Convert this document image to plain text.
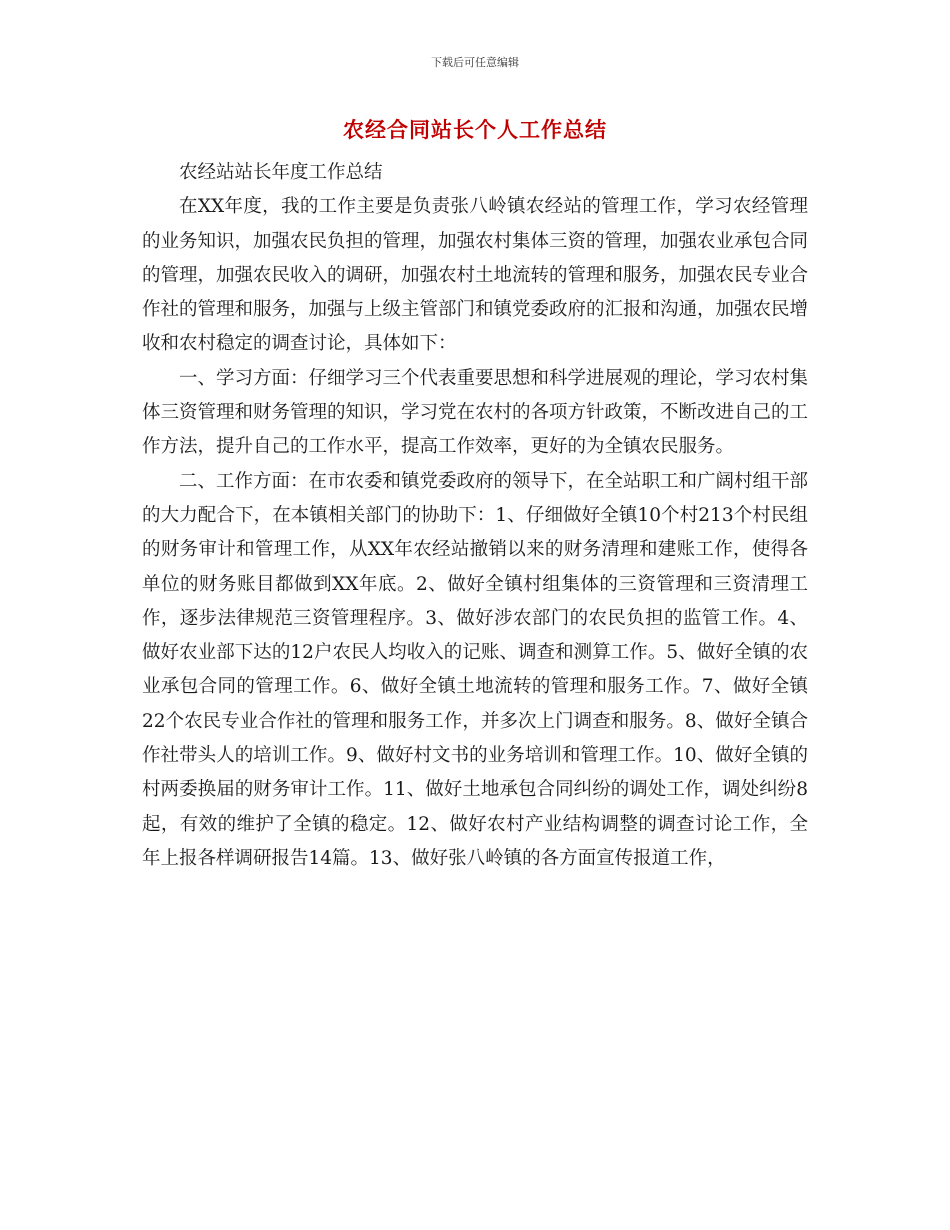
下载后可任意编辑
农经合同站长个人工作总结

农经站站长年度工作总结

在XX年度，我的工作主要是负责张八岭镇农经站的管理工作，学习农经管理的业务知识，加强农民负担的管理，加强农村集体三资的管理，加强农业承包合同的管理，加强农民收入的调研，加强农村土地流转的管理和服务，加强农民专业合作社的管理和服务，加强与上级主管部门和镇党委政府的汇报和沟通，加强农民增收和农村稳定的调查讨论，具体如下：

一、学习方面：仔细学习三个代表重要思想和科学进展观的理论，学习农村集体三资管理和财务管理的知识，学习党在农村的各项方针政策，不断改进自己的工作方法，提升自己的工作水平，提高工作效率，更好的为全镇农民服务。

二、工作方面：在市农委和镇党委政府的领导下，在全站职工和广阔村组干部的大力配合下，在本镇相关部门的协助下：1、仔细做好全镇10个村213个村民组的财务审计和管理工作，从XX年农经站撤销以来的财务清理和建账工作，使得各单位的财务账目都做到XX年底。2、做好全镇村组集体的三资管理和三资清理工作，逐步法律规范三资管理程序。3、做好涉农部门的农民负担的监管工作。4、做好农业部下达的12户农民人均收入的记账、调查和测算工作。5、做好全镇的农业承包合同的管理工作。6、做好全镇土地流转的管理和服务工作。7、做好全镇22个农民专业合作社的管理和服务工作，并多次上门调查和服务。8、做好全镇合作社带头人的培训工作。9、做好村文书的业务培训和管理工作。10、做好全镇的村两委换届的财务审计工作。11、做好土地承包合同纠纷的调处工作，调处纠纷8起，有效的维护了全镇的稳定。12、做好农村产业结构调整的调查讨论工作，全年上报各样调研报告14篇。13、做好张八岭镇的各方面宣传报道工作，
